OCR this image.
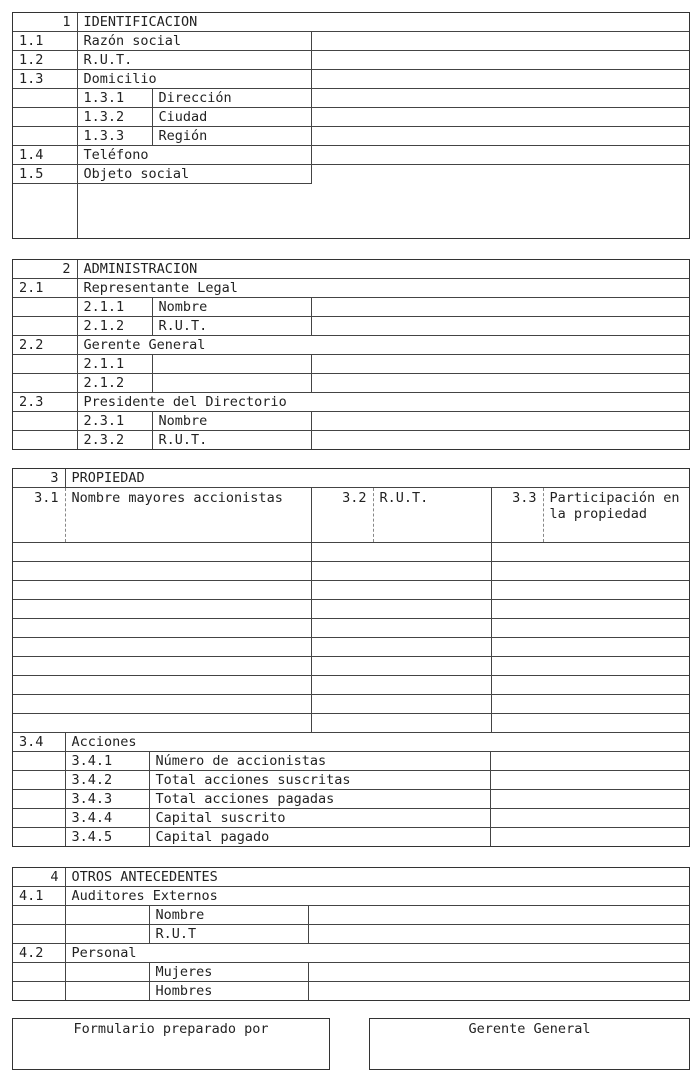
1	IDENTIFICACION		
1.1	Razón social		
1.2	R.U.T.		
1.3	Domicilio		
	1.3.1	Dirección	
	1.3.2	Ciudad	
	1.3.3	Región	
1.4	Teléfono		
1.5	Objeto social		

2	ADMINISTRACION		
2.1	Representante Legal		
	2.1.1	Nombre	
	2.1.2	R.U.T.	
2.2	Gerente General		
	2.1.1		
	2.1.2		
2.3	Presidente del Directorio		
	2.3.1	Nombre	
	2.3.2	R.U.T.	
3	PROPIEDAD				
3.1	Nombre mayores accionistas	3.2	R.U.T.	3.3	Participación en la propiedad

3.4	Acciones		
	3.4.1	Número de accionistas	
	3.4.2	Total acciones suscritas	
	3.4.3	Total acciones pagadas	
	3.4.4	Capital suscrito	
	3.4.5	Capital pagado	
4	OTROS ANTECEDENTES		
4.1	Auditores Externos		
		Nombre	
		R.U.T	
4.2	Personal		
		Mujeres	
		Hombres	
Formulario preparado por	Gerente General
